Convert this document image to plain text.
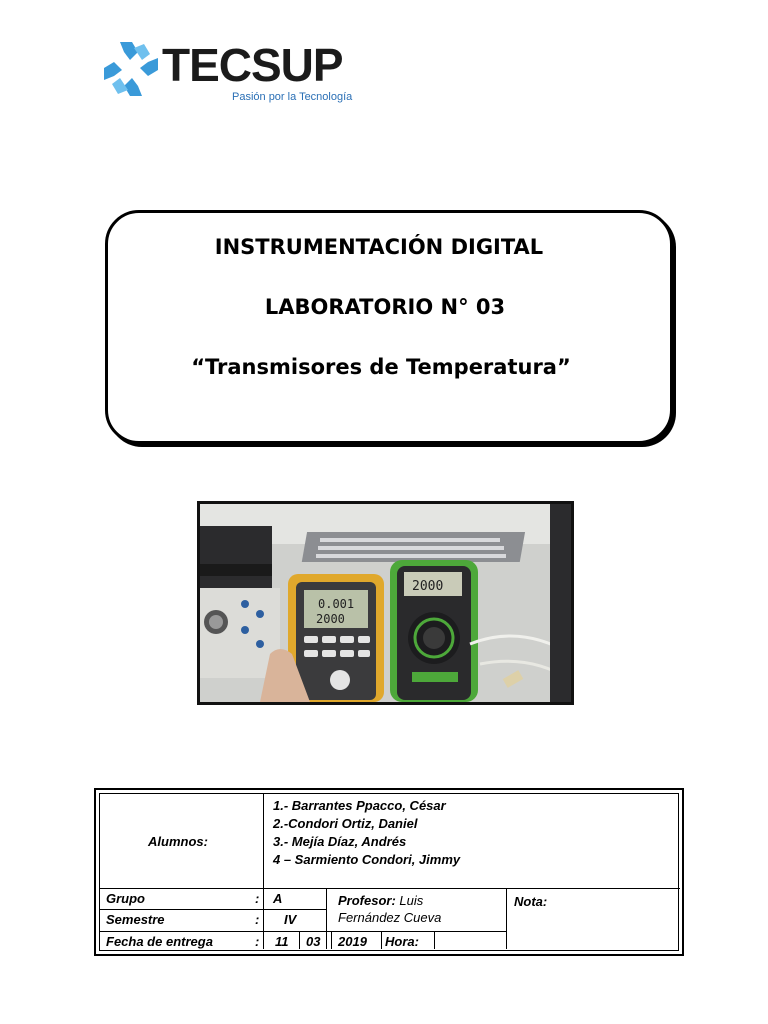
TECSUP
Pasión por la Tecnología
INSTRUMENTACIÓN DIGITAL
LABORATORIO N° 03
“Transmisores de Temperatura”
0.001
2000
2000
Alumnos:
1.- Barrantes Ppacco, César
2.-Condori Ortiz, Daniel
3.- Mejía Díaz, Andrés
4 – Sarmiento Condori, Jimmy
Grupo	: A
Semestre	: IV
Fecha de entrega	: 11 03 2019 Hora:
Profesor: Luis
Fernández Cueva
Nota:
